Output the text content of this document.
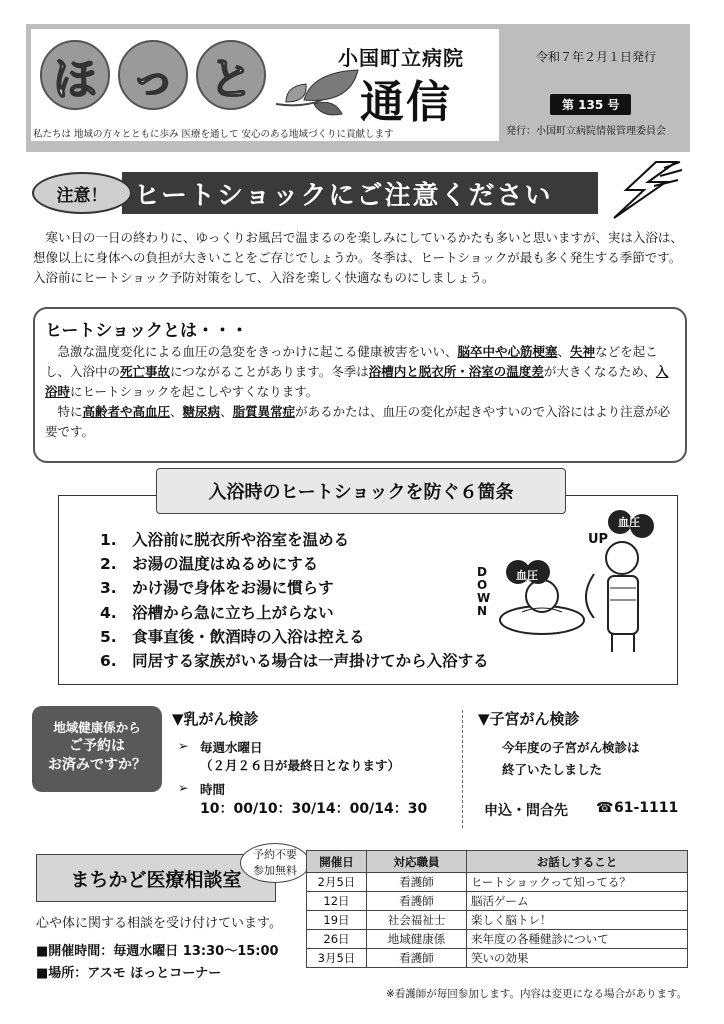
ほ っ と	小国町立病院
通信
私たちは 地域の方々とともに歩み 医療を通して 安心のある地域づくりに貢献します
令和７年２月１日発行
第 135 号
発行：小国町立病院情報管理委員会
ヒートショックにご注意ください
注意！
寒い日の一日の終わりに、ゆっくりお風呂で温まるのを楽しみにしているかたも多いと思いますが、実は入浴は、想像以上に身体への負担が大きいことをご存じでしょうか。冬季は、ヒートショックが最も多く発生する季節です。入浴前にヒートショック予防対策をして、入浴を楽しく快適なものにしましょう。
ヒートショックとは・・・

急激な温度変化による血圧の急変をきっかけに起こる健康被害をいい、脳卒中や心筋梗塞、失神などを起こし、入浴中の死亡事故につながることがあります。冬季は浴槽内と脱衣所・浴室の温度差が大きくなるため、入浴時にヒートショックを起こしやすくなります。

特に高齢者や高血圧、糖尿病、脂質異常症があるかたは、血圧の変化が起きやすいので入浴にはより注意が必要です。

入浴時のヒートショックを防ぐ６箇条
1.　入浴前に脱衣所や浴室を温める
2.　お湯の温度はぬるめにする
3.　かけ湯で身体をお湯に慣らす
4.　浴槽から急に立ち上がらない
5.　食事直後・飲酒時の入浴は控える
6.　同居する家族がいる場合は一声掛けてから入浴する
血圧
血圧
DOWN
UP
地域健康係から
ご予約は
お済みですか？
▼乳がん検診
➢ 毎週水曜日
（２月２６日が最終日となります）
➢ 時間
10：00/10：30/14：00/14：30
▼子宮がん検診
今年度の子宮がん検診は
終了いたしました
申込・問合先 ☎ 61-1111
まちかど医療相談室
予約不要
参加無料
心や体に関する相談を受け付けています。
■開催時間：毎週水曜日 13:30～15:00
■場所：アスモ ほっとコーナー
開催日	対応職員	お話しすること
2月5日	看護師	ヒートショックって知ってる？
12日	看護師	脳活ゲーム
19日	社会福祉士	楽しく脳トレ！
26日	地域健康係	来年度の各種健診について
3月5日	看護師	笑いの効果
※看護師が毎回参加します。内容は変更になる場合があります。
